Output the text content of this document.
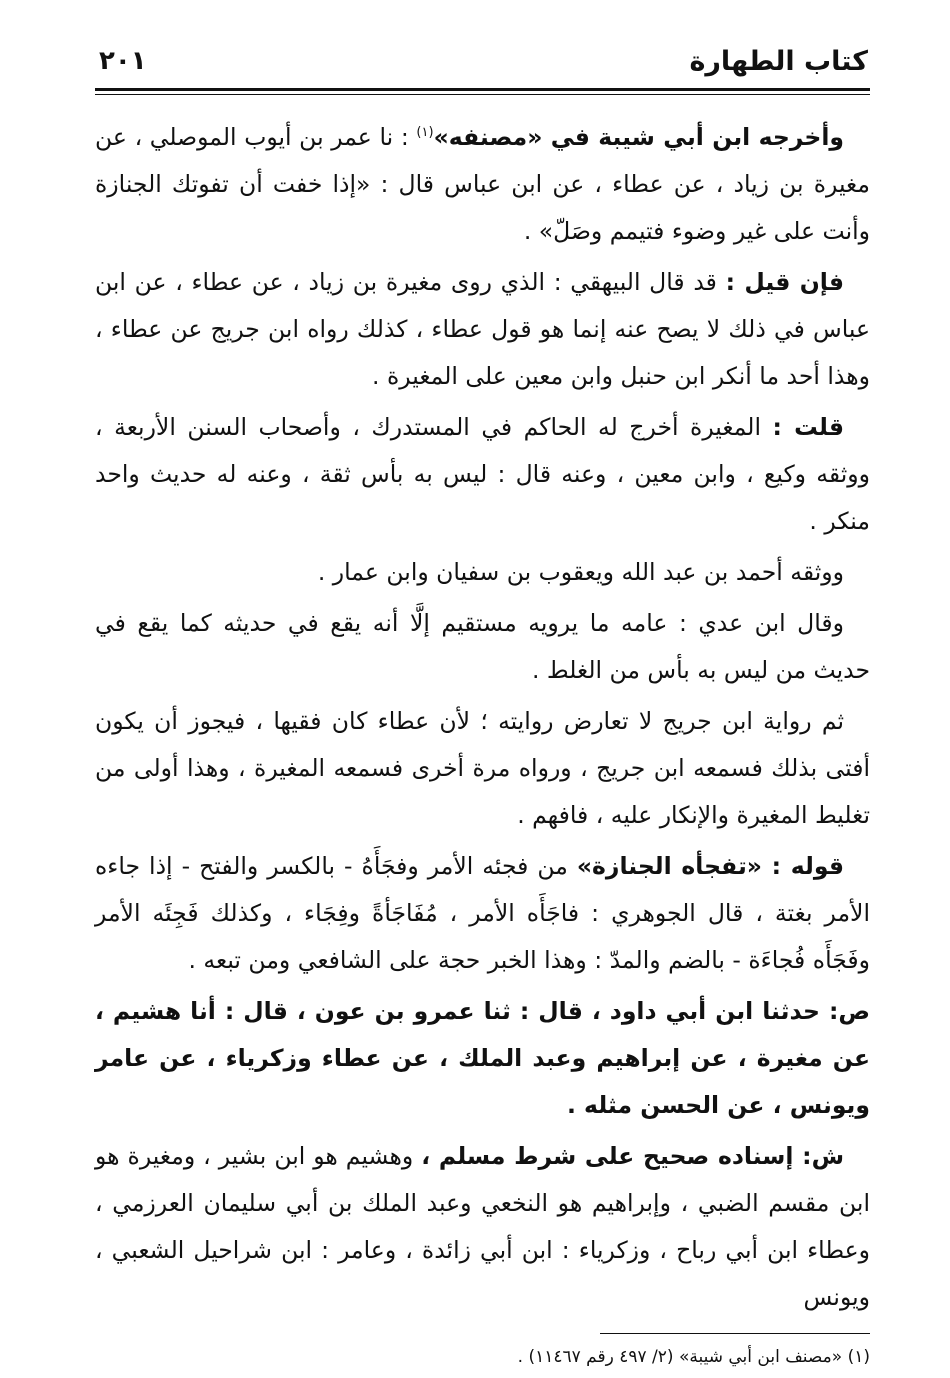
كتاب الطهارة
٢٠١

وأخرجه ابن أبي شيبة في «مصنفه»$^{(١)}$ : نا عمر بن أيوب الموصلي ، عن مغيرة بن زياد ، عن عطاء ، عن ابن عباس قال : «إذا خفت أن تفوتك الجنازة وأنت على غير وضوء فتيمم وصَلّ» .

فإن قيل : قد قال البيهقي : الذي روى مغيرة بن زياد ، عن عطاء ، عن ابن عباس في ذلك لا يصح عنه إنما هو قول عطاء ، كذلك رواه ابن جريج عن عطاء ، وهذا أحد ما أنكر ابن حنبل وابن معين على المغيرة .

قلت : المغيرة أخرج له الحاكم في المستدرك ، وأصحاب السنن الأربعة ، ووثقه وكيع ، وابن معين ، وعنه قال : ليس به بأس ثقة ، وعنه له حديث واحد منكر .

ووثقه أحمد بن عبد الله ويعقوب بن سفيان وابن عمار .

وقال ابن عدي : عامه ما يرويه مستقيم إلَّا أنه يقع في حديثه كما يقع في حديث من ليس به بأس من الغلط .

ثم رواية ابن جريج لا تعارض روايته ؛ لأن عطاء كان فقيها ، فيجوز أن يكون أفتى بذلك فسمعه ابن جريج ، ورواه مرة أخرى فسمعه المغيرة ، وهذا أولى من تغليط المغيرة والإنكار عليه ، فافهم .

قوله : «تفجأه الجنازة» من فجئه الأمر وفجَأَهُ - بالكسر والفتح - إذا جاءه الأمر بغتة ، قال الجوهري : فاجَأَه الأمر ، مُفَاجَأةً وفِجَاء ، وكذلك فَجِئَه الأمر وفَجَأَه فُجاءَة - بالضم والمدّ : وهذا الخبر حجة على الشافعي ومن تبعه .

ص: حدثنا ابن أبي داود ، قال : ثنا عمرو بن عون ، قال : أنا هشيم ، عن مغيرة ، عن إبراهيم وعبد الملك ، عن عطاء وزكرياء ، عن عامر ويونس ، عن الحسن مثله .

ش: إسناده صحيح على شرط مسلم ، وهشيم هو ابن بشير ، ومغيرة هو ابن مقسم الضبي ، وإبراهيم هو النخعي وعبد الملك بن أبي سليمان العرزمي ، وعطاء ابن أبي رباح ، وزكرياء : ابن أبي زائدة ، وعامر : ابن شراحيل الشعبي ، ويونس

(١) «مصنف ابن أبي شيبة» (٢/ ٤٩٧ رقم ١١٤٦٧) .
